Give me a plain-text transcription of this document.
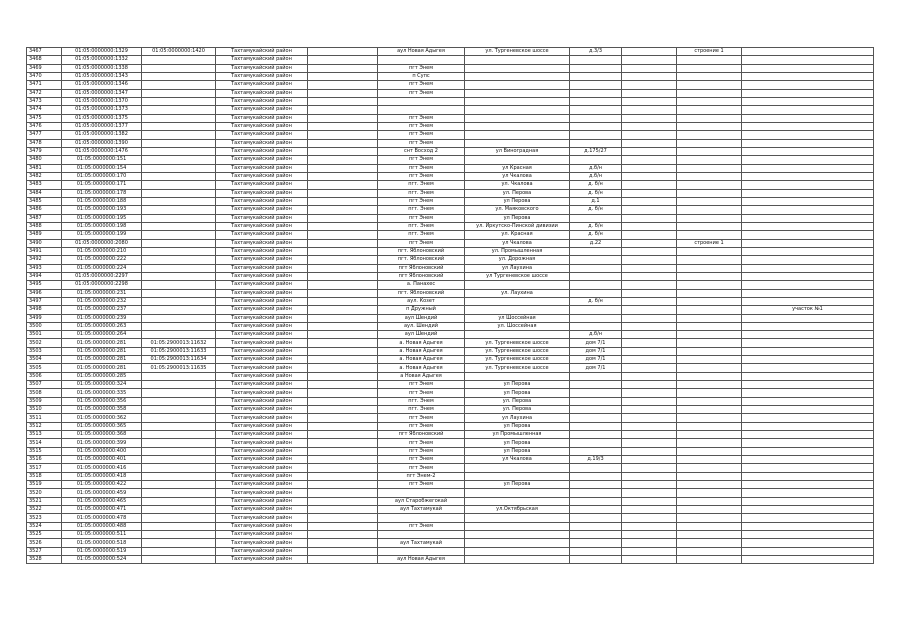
3467	01:05:0000000:1329	01:05:0000000:1420	Тахтамукайский район		аул Новая Адыгея	ул. Тургеневское шоссе	д.3/3		строение 1	
3468	01:05:0000000:1332		Тахтамукайский район							
3469	01:05:0000000:1338		Тахтамукайский район		пгт Энем					
3470	01:05:0000000:1343		Тахтамукайский район		п Супс					
3471	01:05:0000000:1346		Тахтамукайский район		пгт Энем					
3472	01:05:0000000:1347		Тахтамукайский район		пгт Энем					
3473	01:05:0000000:1370		Тахтамукайский район							
3474	01:05:0000000:1373		Тахтамукайский район							
3475	01:05:0000000:1375		Тахтамукайский район		пгт Энем					
3476	01:05:0000000:1377		Тахтамукайский район		пгт Энем					
3477	01:05:0000000:1382		Тахтамукайский район		пгт Энем					
3478	01:05:0000000:1390		Тахтамукайский район		пгт Энем					
3479	01:05:0000000:1476		Тахтамукайский район		снт Восход 2	ул Виноградная	д.175/27			
3480	01:05:0000000:151		Тахтамукайский район		пгт Энем					
3481	01:05:0000000:154		Тахтамукайский район		пгт Энем	ул Красная	д.б/н			
3482	01:05:0000000:170		Тахтамукайский район		пгт Энем	ул Чкалова	д.б/н			
3483	01:05:0000000:171		Тахтамукайский район		пгт. Энем	ул. Чкалова	д. б/н			
3484	01:05:0000000:178		Тахтамукайский район		пгт. Энем	ул. Перова	д. б/н			
3485	01:05:0000000:188		Тахтамукайский район		пгт Энем	ул Перова	д.1			
3486	01:05:0000000:193		Тахтамукайский район		пгт. Энем	ул. Маяковского	д. б/н			
3487	01:05:0000000:195		Тахтамукайский район		пгт Энем	ул Перова				
3488	01:05:0000000:198		Тахтамукайский район		пгт. Энем	ул. Иркутско-Пинской дивизии	д. б/н			
3489	01:05:0000000:199		Тахтамукайский район		пгт. Энем	ул. Красная	д. б/н			
3490	01:05:0000000:2080		Тахтамукайский район		пгт Энем	ул Чкалова	д.22		строение 1	
3491	01:05:0000000:210		Тахтамукайский район		пгт. Яблоновский	ул. Промышленная				
3492	01:05:0000000:222		Тахтамукайский район		пгт. Яблоновский	ул. Дорожная				
3493	01:05:0000000:224		Тахтамукайский район		пгт Яблоновский	ул Лаухина				
3494	01:05:0000000:2297		Тахтамукайский район		пгт Яблоновский	ул Тургеневское шоссе				
3495	01:05:0000000:2298		Тахтамукайский район		а. Панахес					
3496	01:05:0000000:231		Тахтамукайский район		пгт. Яблоновский	ул. Лаухина				
3497	01:05:0000000:232		Тахтамукайский район		аул. Козет		д. б/н			
3498	01:05:0000000:237		Тахтамукайский район		п Дружный					участок №1
3499	01:05:0000000:239		Тахтамукайский район		аул Шендий	ул Шоссейная				
3500	01:05:0000000:263		Тахтамукайский район		аул. Шендий	ул. Шоссейная				
3501	01:05:0000000:264		Тахтамукайский район		аул Шендий		д.б/н			
3502	01:05:0000000:281	01:05:2900013:11632	Тахтамукайский район		а. Новая Адыгея	ул. Тургеневское шоссе	дом 7/1			
3503	01:05:0000000:281	01:05:2900013:11633	Тахтамукайский район		а. Новая Адыгея	ул. Тургеневское шоссе	дом 7/1			
3504	01:05:0000000:281	01:05:2900013:11634	Тахтамукайский район		а. Новая Адыгея	ул. Тургеневское шоссе	дом 7/1			
3505	01:05:0000000:281	01:05:2900013:11635	Тахтамукайский район		а. Новая Адыгея	ул. Тургеневское шоссе	дом 7/1			
3506	01:05:0000000:285		Тахтамукайский район		а Новая Адыгея					
3507	01:05:0000000:324		Тахтамукайский район		пгт Энем	ул Перова				
3508	01:05:0000000:335		Тахтамукайский район		пгт Энем	ул Перова				
3509	01:05:0000000:356		Тахтамукайский район		пгт. Энем	ул. Перова				
3510	01:05:0000000:358		Тахтамукайский район		пгт. Энем	ул. Перова				
3511	01:05:0000000:362		Тахтамукайский район		пгт Энем	ул Лаухина				
3512	01:05:0000000:365		Тахтамукайский район		пгт Энем	ул Перова				
3513	01:05:0000000:368		Тахтамукайский район		пгт Яблоновский	ул Промышленная				
3514	01:05:0000000:399		Тахтамукайский район		пгт Энем	ул Перова				
3515	01:05:0000000:400		Тахтамукайский район		пгт Энем	ул Перова				
3516	01:05:0000000:401		Тахтамукайский район		пгт Энем	ул Чкалова	д.19/3			
3517	01:05:0000000:416		Тахтамукайский район		пгт Энем					
3518	01:05:0000000:418		Тахтамукайский район		пгт Энем-2					
3519	01:05:0000000:422		Тахтамукайский район		пгт Энем	ул Перова				
3520	01:05:0000000:459		Тахтамукайский район							
3521	01:05:0000000:465		Тахтамукайский район		аул Старобжегокай					
3522	01:05:0000000:471		Тахтамукайский район		аул Тахтамукай	ул.Октябрьская				
3523	01:05:0000000:478		Тахтамукайский район							
3524	01:05:0000000:488		Тахтамукайский район		пгт Энем					
3525	01:05:0000000:511		Тахтамукайский район							
3526	01:05:0000000:518		Тахтамукайский район		аул Тахтамукай					
3527	01:05:0000000:519		Тахтамукайский район							
3528	01:05:0000000:524		Тахтамукайский район		аул Новая Адыгея					
